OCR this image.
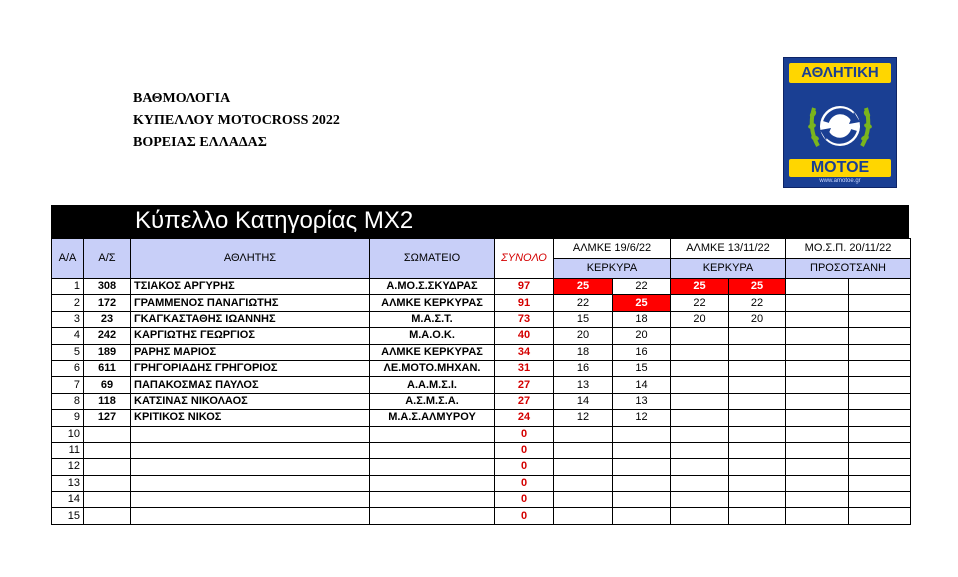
ΒΑΘΜΟΛΟΓΙΑ
ΚΥΠΕΛΛΟΥ MOTOCROSS 2022
ΒΟΡΕΙΑΣ ΕΛΛΑΔΑΣ
ΑΘΛΗΤΙΚΗ
ΜΟΤΟΕ
www.amotoe.gr
Κύπελλο Κατηγορίας ΜΧ2
Α/Α	Α/Σ	ΑΘΛΗΤΗΣ	ΣΩΜΑΤΕΙΟ	ΣΥΝΟΛΟ	ΑΛΜΚΕ 19/6/22		ΑΛΜΚΕ 13/11/22		ΜΟ.Σ.Π. 20/11/22	
					ΚΕΡΚΥΡΑ		ΚΕΡΚΥΡΑ		ΠΡΟΣΟΤΣΑΝΗ	
1	308	ΤΣΙΑΚΟΣ ΑΡΓΥΡΗΣ	Α.ΜΟ.Σ.ΣΚΥΔΡΑΣ	97	25	22	25	25		
2	172	ΓΡΑΜΜΕΝΟΣ ΠΑΝΑΓΙΩΤΗΣ	ΑΛΜΚΕ ΚΕΡΚΥΡΑΣ	91	22	25	22	22		
3	23	ΓΚΑΓΚΑΣΤΑΘΗΣ ΙΩΑΝΝΗΣ	Μ.Α.Σ.Τ.	73	15	18	20	20		
4	242	ΚΑΡΓΙΩΤΗΣ ΓΕΩΡΓΙΟΣ	Μ.Α.Ο.Κ.	40	20	20				
5	189	ΡΑΡΗΣ ΜΑΡΙΟΣ	ΑΛΜΚΕ ΚΕΡΚΥΡΑΣ	34	18	16				
6	611	ΓΡΗΓΟΡΙΑΔΗΣ ΓΡΗΓΟΡΙΟΣ	ΛΕ.ΜΟΤΟ.ΜΗΧΑΝ.	31	16	15				
7	69	ΠΑΠΑΚΟΣΜΑΣ ΠΑΥΛΟΣ	Α.Α.Μ.Σ.Ι.	27	13	14				
8	118	ΚΑΤΣΙΝΑΣ ΝΙΚΟΛΑΟΣ	Α.Σ.Μ.Σ.Α.	27	14	13				
9	127	ΚΡΙΤΙΚΟΣ ΝΙΚΟΣ	Μ.Α.Σ.ΑΛΜΥΡΟΥ	24	12	12				
10				0						
11				0						
12				0						
13				0						
14				0						
15				0						
